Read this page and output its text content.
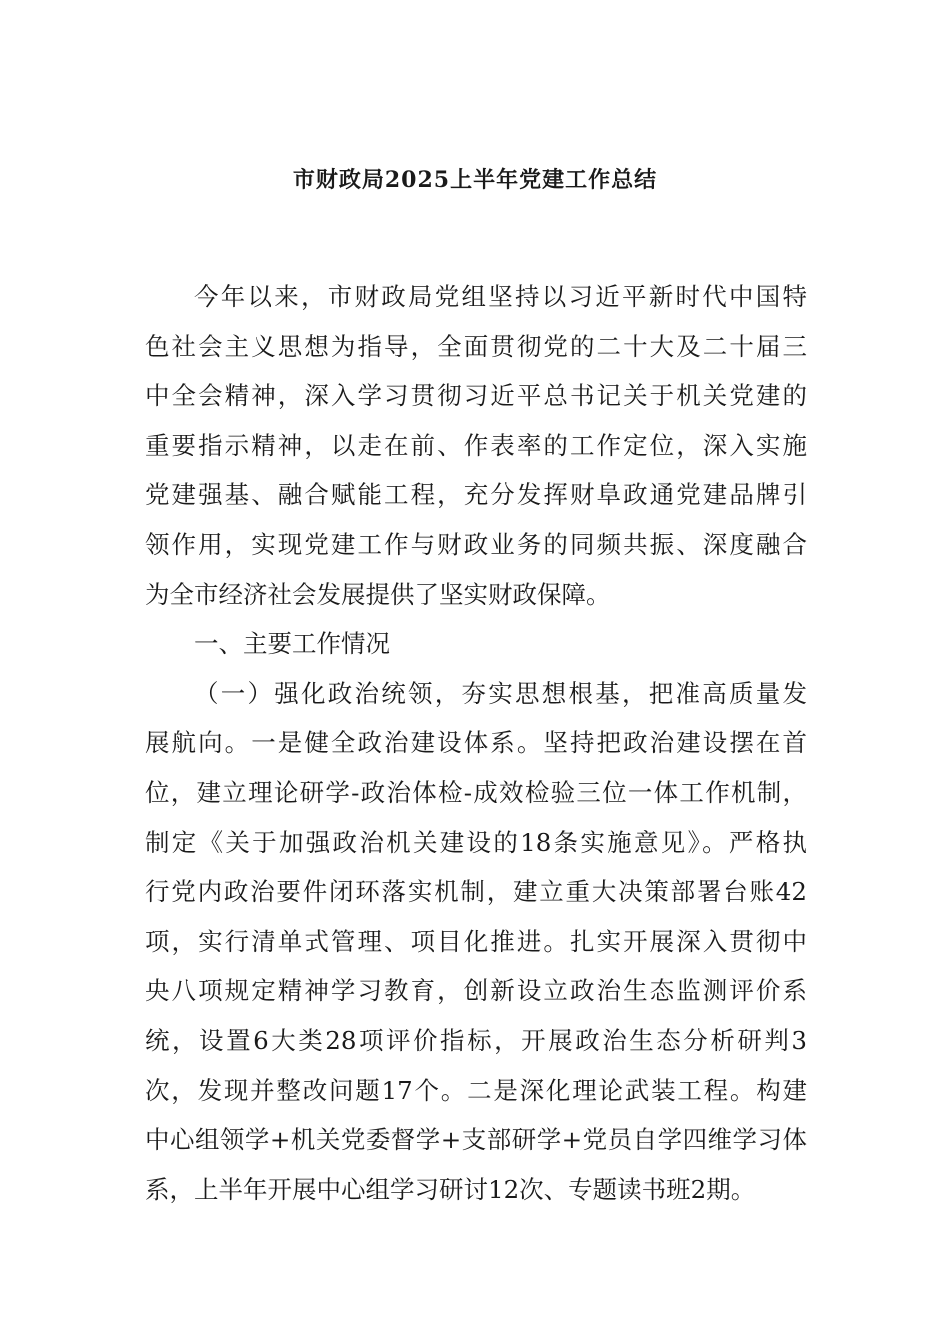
市财政局2025上半年党建工作总结
今年以来，市财政局党组坚持以习近平新时代中国特
色社会主义思想为指导，全面贯彻党的二十大及二十届三
中全会精神，深入学习贯彻习近平总书记关于机关党建的
重要指示精神，以走在前、作表率的工作定位，深入实施
党建强基、融合赋能工程，充分发挥财阜政通党建品牌引
领作用，实现党建工作与财政业务的同频共振、深度融合
为全市经济社会发展提供了坚实财政保障。
一、主要工作情况
（一）强化政治统领，夯实思想根基，把准高质量发
展航向。一是健全政治建设体系。坚持把政治建设摆在首
位，建立理论研学-政治体检-成效检验三位一体工作机制，
制定《关于加强政治机关建设的18条实施意见》。严格执
行党内政治要件闭环落实机制，建立重大决策部署台账42
项，实行清单式管理、项目化推进。扎实开展深入贯彻中
央八项规定精神学习教育，创新设立政治生态监测评价系
统，设置6大类28项评价指标，开展政治生态分析研判3
次，发现并整改问题17个。二是深化理论武装工程。构建
中心组领学+机关党委督学+支部研学+党员自学四维学习体
系，上半年开展中心组学习研讨12次、专题读书班2期。
